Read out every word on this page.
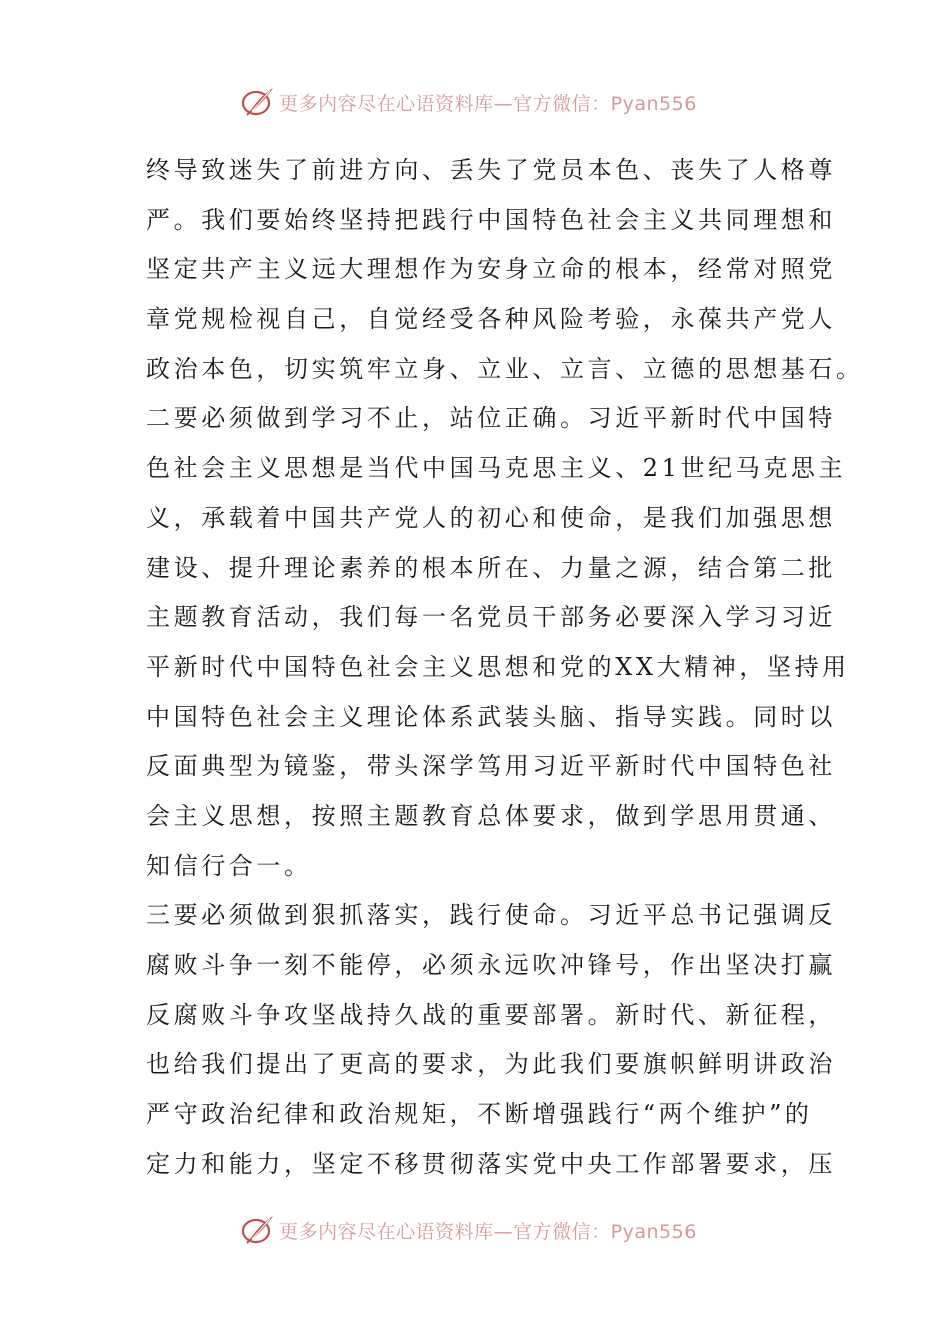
更多内容尽在心语资料库—官方微信：Pyan556
终导致迷失了前进方向、丢失了党员本色、丧失了人格尊
严。我们要始终坚持把践行中国特色社会主义共同理想和
坚定共产主义远大理想作为安身立命的根本，经常对照党
章党规检视自己，自觉经受各种风险考验，永葆共产党人
政治本色，切实筑牢立身、立业、立言、立德的思想基石。
二要必须做到学习不止，站位正确。习近平新时代中国特
色社会主义思想是当代中国马克思主义、21世纪马克思主
义，承载着中国共产党人的初心和使命，是我们加强思想
建设、提升理论素养的根本所在、力量之源，结合第二批
主题教育活动，我们每一名党员干部务必要深入学习习近
平新时代中国特色社会主义思想和党的XX大精神，坚持用
中国特色社会主义理论体系武装头脑、指导实践。同时以
反面典型为镜鉴，带头深学笃用习近平新时代中国特色社
会主义思想，按照主题教育总体要求，做到学思用贯通、
知信行合一。
三要必须做到狠抓落实，践行使命。习近平总书记强调反
腐败斗争一刻不能停，必须永远吹冲锋号，作出坚决打赢
反腐败斗争攻坚战持久战的重要部署。新时代、新征程，
也给我们提出了更高的要求，为此我们要旗帜鲜明讲政治
严守政治纪律和政治规矩，不断增强践行“两个维护”的
定力和能力，坚定不移贯彻落实党中央工作部署要求，压
更多内容尽在心语资料库—官方微信：Pyan556
